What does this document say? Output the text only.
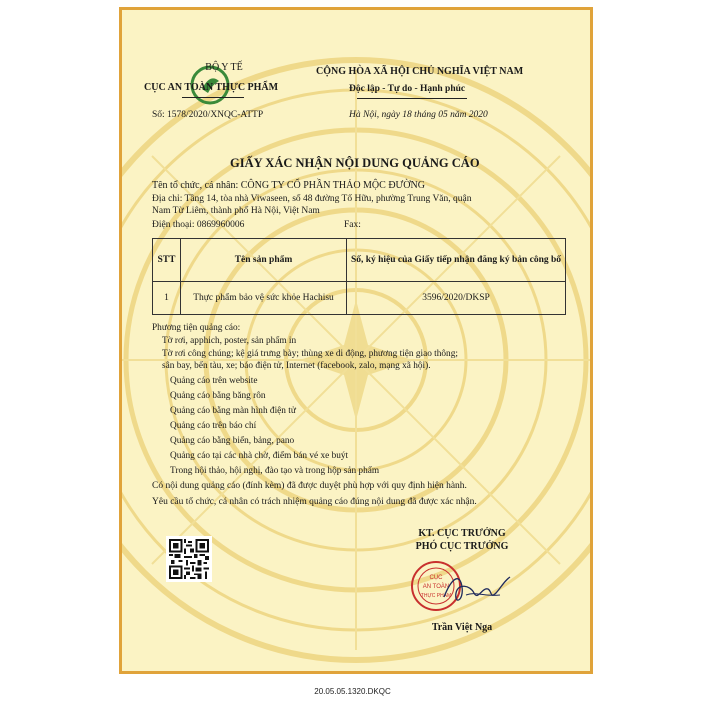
BỘ Y TẾ
CỤC AN TOÀN THỰC PHẨM
Số: 1578/2020/XNQC-ATTP
CỘNG HÒA XÃ HỘI CHỦ NGHĨA VIỆT NAM
Độc lập - Tự do - Hạnh phúc
Hà Nội, ngày 18 tháng 05 năm 2020
GIẤY XÁC NHẬN NỘI DUNG QUẢNG CÁO
Tên tổ chức, cá nhân: CÔNG TY CỔ PHẦN THẢO MỘC ĐƯỜNG
Địa chỉ: Tầng 14, tòa nhà Viwaseen, số 48 đường Tố Hữu, phường Trung Văn, quận
Nam Từ Liêm, thành phố Hà Nội, Việt Nam
Điện thoại: 0869960006	Fax:
STT	Tên sản phẩm	Số, ký hiệu của Giấy tiếp nhận đăng ký bản công bố
1	Thực phẩm bảo vệ sức khỏe Hachisu	3596/2020/DKSP
Phương tiện quảng cáo:
Tờ rơi, apphich, poster, sản phẩm in
Tờ rơi công chúng; kệ giá trưng bày; thùng xe di động, phương tiện giao thông;
sân bay, bến tàu, xe; báo điện tử, Internet (facebook, zalo, mạng xã hội).
Quảng cáo trên website
Quảng cáo bằng băng rôn
Quảng cáo bằng màn hình điện tử
Quảng cáo trên báo chí
Quảng cáo bằng biển, bảng, pano
Quảng cáo tại các nhà chờ, điểm bán vé xe buýt
Trong hội thảo, hội nghị, đào tạo và trong hộp sản phẩm
Có nội dung quảng cáo (đính kèm) đã được duyệt phù hợp với quy định hiện hành.
Yêu cầu tổ chức, cá nhân có trách nhiệm quảng cáo đúng nội dung đã được xác nhận.
KT. CỤC TRƯỞNG
PHÓ CỤC TRƯỞNG
CỤC
AN TOÀN
THỰC PHẨM
Trần Việt Nga
20.05.05.1320.DKQC
